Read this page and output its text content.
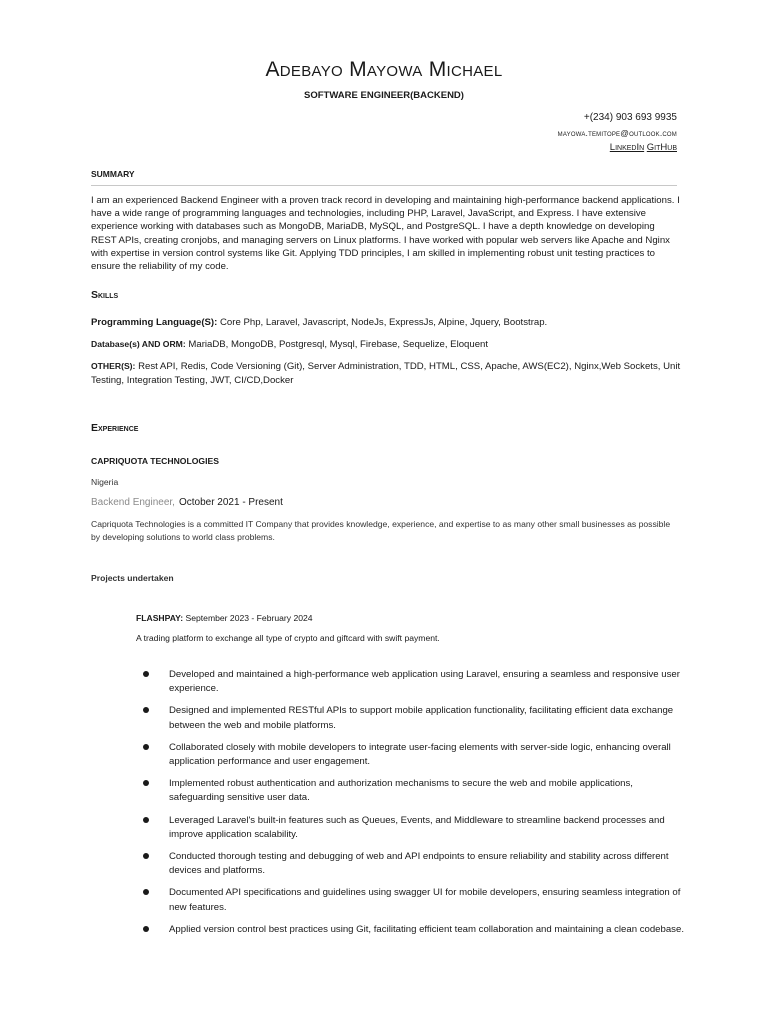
Adebayo Mayowa Michael
SOFTWARE ENGINEER(BACKEND)
+(234) 903 693 9935
mayowa.temitope@outlook.com
LinkedIn GitHub
SUMMARY
I am an experienced Backend Engineer with a proven track record in developing and maintaining high-performance backend applications. I have a wide range of programming languages and technologies, including PHP, Laravel, JavaScript, and Express. I have extensive experience working with databases such as MongoDB, MariaDB, MySQL, and PostgreSQL. I have a depth knowledge on developing REST APIs, creating cronjobs, and managing servers on Linux platforms. I have worked with popular web servers like Apache and Nginx with expertise in version control systems like Git. Applying TDD principles, I am skilled in implementing robust unit testing practices to ensure the reliability of my code.
Skills
Programming Language(S): Core Php, Laravel, Javascript, NodeJs, ExpressJs, Alpine, Jquery, Bootstrap.
Database(s) AND ORM: MariaDB, MongoDB, Postgresql, Mysql, Firebase, Sequelize, Eloquent
OTHER(S): Rest API, Redis, Code Versioning (Git), Server Administration, TDD, HTML, CSS, Apache, AWS(EC2), Nginx,Web Sockets, Unit Testing, Integration Testing, JWT, CI/CD,Docker
Experience
CAPRIQUOTA TECHNOLOGIES
Nigeria
Backend Engineer, October 2021 - Present
Capriquota Technologies is a committed IT Company that provides knowledge, experience, and expertise to as many other small businesses as possible by developing solutions to world class problems.
Projects undertaken
FLASHPAY: September 2023 - February 2024
A trading platform to exchange all type of crypto and giftcard with swift payment.
Developed and maintained a high-performance web application using Laravel, ensuring a seamless and responsive user experience.
Designed and implemented RESTful APIs to support mobile application functionality, facilitating efficient data exchange between the web and mobile platforms.
Collaborated closely with mobile developers to integrate user-facing elements with server-side logic, enhancing overall application performance and user engagement.
Implemented robust authentication and authorization mechanisms to secure the web and mobile applications, safeguarding sensitive user data.
Leveraged Laravel's built-in features such as Queues, Events, and Middleware to streamline backend processes and improve application scalability.
Conducted thorough testing and debugging of web and API endpoints to ensure reliability and stability across different devices and platforms.
Documented API specifications and guidelines using swagger UI for mobile developers, ensuring seamless integration of new features.
Applied version control best practices using Git, facilitating efficient team collaboration and maintaining a clean codebase.
